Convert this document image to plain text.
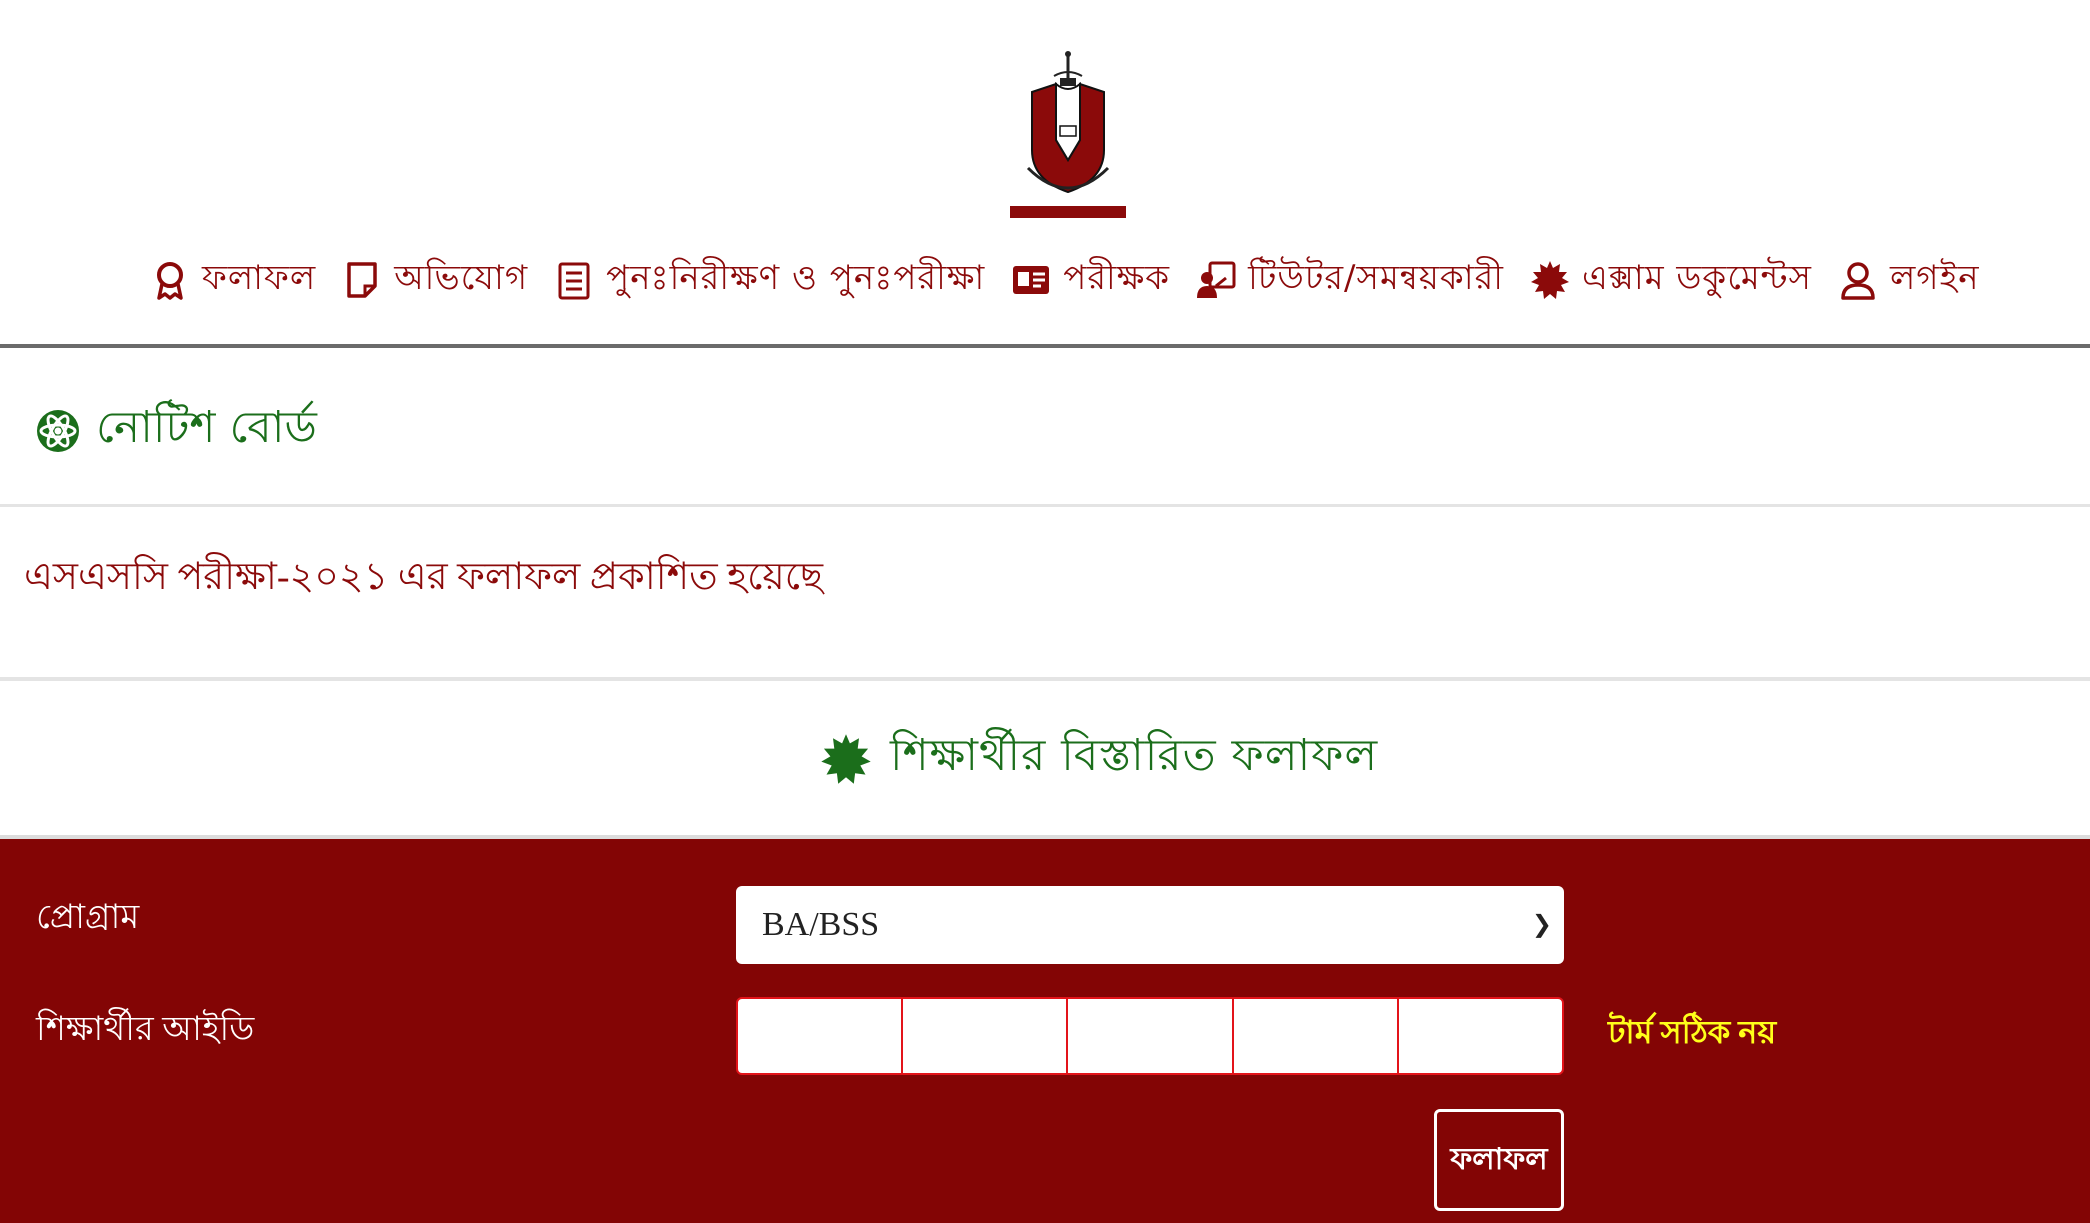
ফলাফল অভিযোগ পুনঃনিরীক্ষণ ও পুনঃপরীক্ষা পরীক্ষক টিউটর/সমন্বয়কারী এক্সাম ডকুমেন্টস লগইন
নোটিশ বোর্ড
এসএসসি পরীক্ষা-২০২১ এর ফলাফল প্রকাশিত হয়েছে
শিক্ষার্থীর বিস্তারিত ফলাফল
প্রোগ্রাম	BA/BSS	❯
শিক্ষার্থীর আইডি	টার্ম সঠিক নয়
ফলাফল
